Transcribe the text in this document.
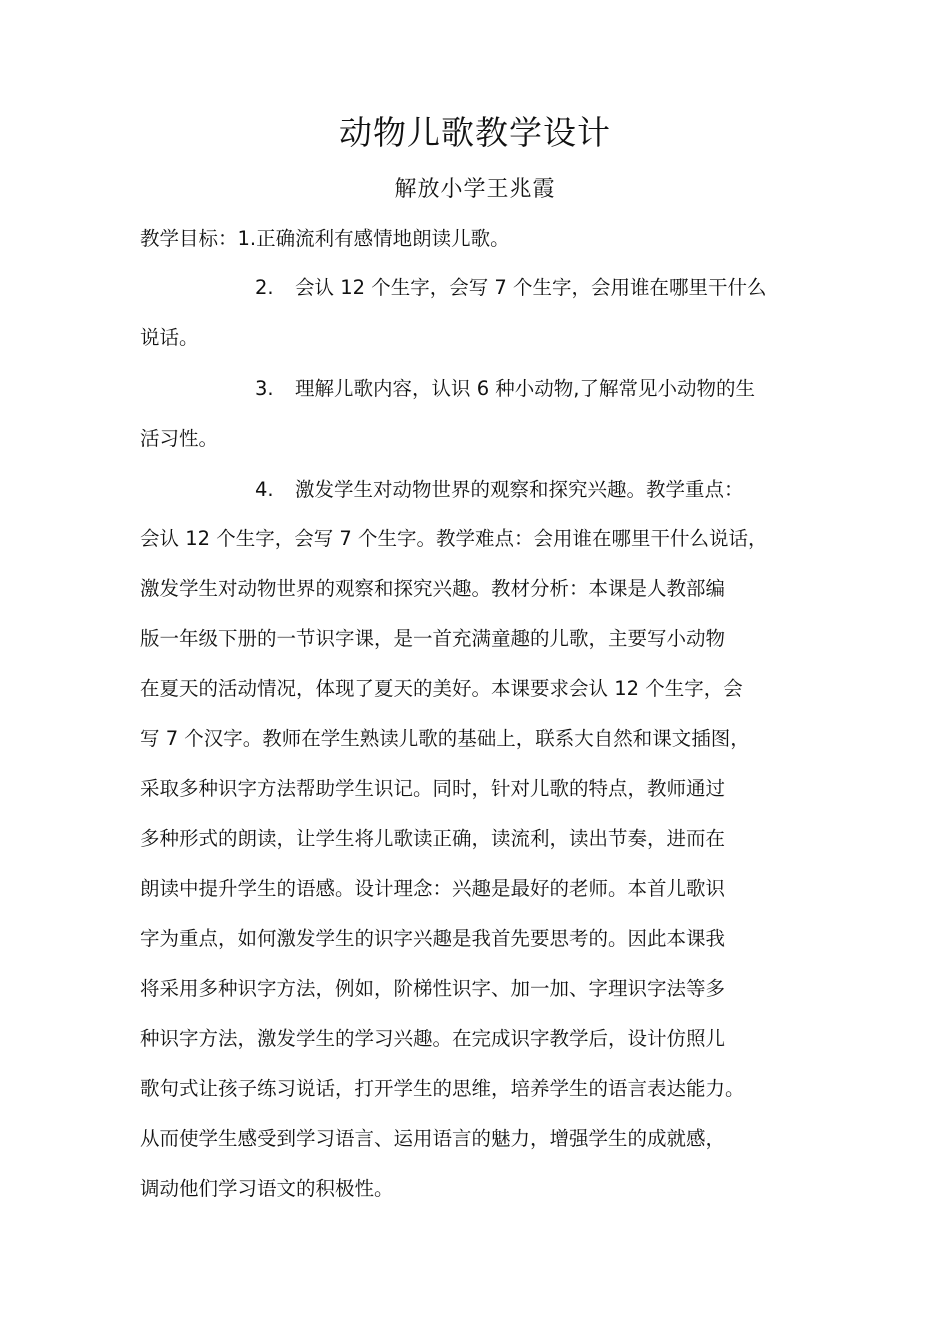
动物儿歌教学设计
解放小学王兆霞
教学目标：1.正确流利有感情地朗读儿歌。
2. 会认 12 个生字，会写 7 个生字，会用谁在哪里干什么
说话。
3. 理解儿歌内容，认识 6 种小动物,了解常见小动物的生
活习性。
4. 激发学生对动物世界的观察和探究兴趣。教学重点：
会认 12 个生字，会写 7 个生字。教学难点：会用谁在哪里干什么说话，
激发学生对动物世界的观察和探究兴趣。教材分析：本课是人教部编
版一年级下册的一节识字课，是一首充满童趣的儿歌，主要写小动物
在夏天的活动情况，体现了夏天的美好。本课要求会认 12 个生字，会
写 7 个汉字。教师在学生熟读儿歌的基础上，联系大自然和课文插图，
采取多种识字方法帮助学生识记。同时，针对儿歌的特点，教师通过
多种形式的朗读，让学生将儿歌读正确，读流利，读出节奏，进而在
朗读中提升学生的语感。设计理念：兴趣是最好的老师。本首儿歌识
字为重点，如何激发学生的识字兴趣是我首先要思考的。因此本课我
将采用多种识字方法，例如，阶梯性识字、加一加、字理识字法等多
种识字方法，激发学生的学习兴趣。在完成识字教学后，设计仿照儿
歌句式让孩子练习说话，打开学生的思维，培养学生的语言表达能力。
从而使学生感受到学习语言、运用语言的魅力，增强学生的成就感，
调动他们学习语文的积极性。
